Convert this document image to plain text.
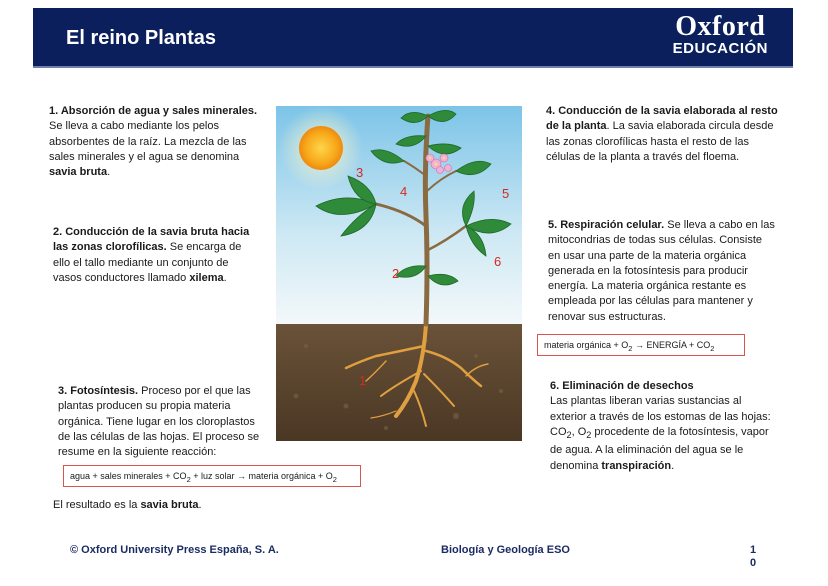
El reino Plantas	Oxford
EDUCACIÓN
1. Absorción de agua y sales minerales. Se lleva a cabo mediante los pelos absorbentes de la raíz. La mezcla de las sales minerales y el agua se denomina savia bruta.
2. Conducción de la savia bruta hacia las zonas clorofílicas. Se encarga de ello el tallo mediante un conjunto de vasos conductores llamado xilema.
3. Fotosíntesis. Proceso por el que las plantas producen su propia materia orgánica. Tiene lugar en los cloroplastos de las células de las hojas. El proceso se resume en la siguiente reacción:
agua + sales minerales + $CO_2$ + luz solar → materia orgánica + $O_2$
El resultado es la savia bruta.
4. Conducción de la savia elaborada al resto de la planta. La savia elaborada circula desde las zonas clorofílicas hasta el resto de las células de la planta a través del floema.
5. Respiración celular. Se lleva a cabo en las mitocondrias de todas sus células. Consiste en usar una parte de la materia orgánica generada en la fotosíntesis para producir energía. La materia orgánica restante es empleada por las células para mantener y renovar sus estructuras.
materia orgánica + $O_2$ → ENERGÍA + $CO_2$
6. Eliminación de desechos
Las plantas liberan varias sustancias al exterior a través de los estomas de las hojas: $CO_2$, $O_2$ procedente de la fotosíntesis, vapor de agua. A la eliminación del agua se le denomina transpiración.
1
2
3
4	5
6
© Oxford University Press España, S. A.	Biología y Geología ESO	1
0
